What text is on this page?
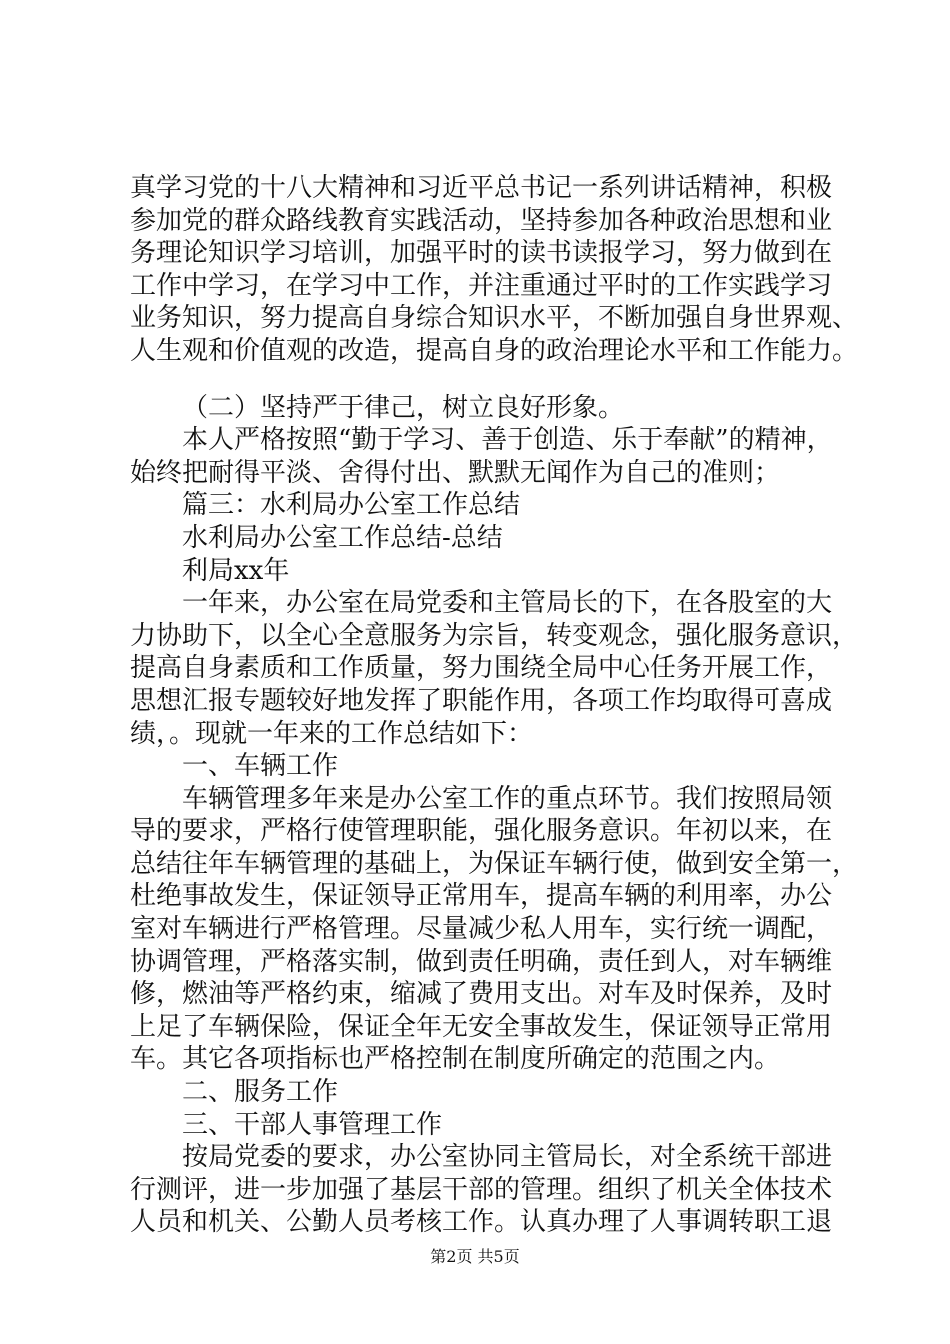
真学习党的十八大精神和习近平总书记一系列讲话精神，积极
参加党的群众路线教育实践活动，坚持参加各种政治思想和业
务理论知识学习培训，加强平时的读书读报学习，努力做到在
工作中学习，在学习中工作，并注重通过平时的工作实践学习
业务知识，努力提高自身综合知识水平，不断加强自身世界观、
人生观和价值观的改造，提高自身的政治理论水平和工作能力。
（二）坚持严于律己，树立良好形象。
本人严格按照“勤于学习、善于创造、乐于奉献”的精神，
始终把耐得平淡、舍得付出、默默无闻作为自己的准则；
篇三：水利局办公室工作总结
水利局办公室工作总结-总结
利局xx年
一年来，办公室在局党委和主管局长的下，在各股室的大
力协助下，以全心全意服务为宗旨，转变观念，强化服务意识，
提高自身素质和工作质量，努力围绕全局中心任务开展工作，
思想汇报专题较好地发挥了职能作用，各项工作均取得可喜成
绩，。现就一年来的工作总结如下：
一、车辆工作
车辆管理多年来是办公室工作的重点环节。我们按照局领
导的要求，严格行使管理职能，强化服务意识。年初以来，在
总结往年车辆管理的基础上，为保证车辆行使，做到安全第一，
杜绝事故发生，保证领导正常用车，提高车辆的利用率，办公
室对车辆进行严格管理。尽量减少私人用车，实行统一调配，
协调管理，严格落实制，做到责任明确，责任到人，对车辆维
修，燃油等严格约束，缩减了费用支出。对车及时保养，及时
上足了车辆保险，保证全年无安全事故发生，保证领导正常用
车。其它各项指标也严格控制在制度所确定的范围之内。
二、服务工作
三、干部人事管理工作
按局党委的要求，办公室协同主管局长，对全系统干部进
行测评，进一步加强了基层干部的管理。组织了机关全体技术
人员和机关、公勤人员考核工作。认真办理了人事调转职工退
第2页 共5页
